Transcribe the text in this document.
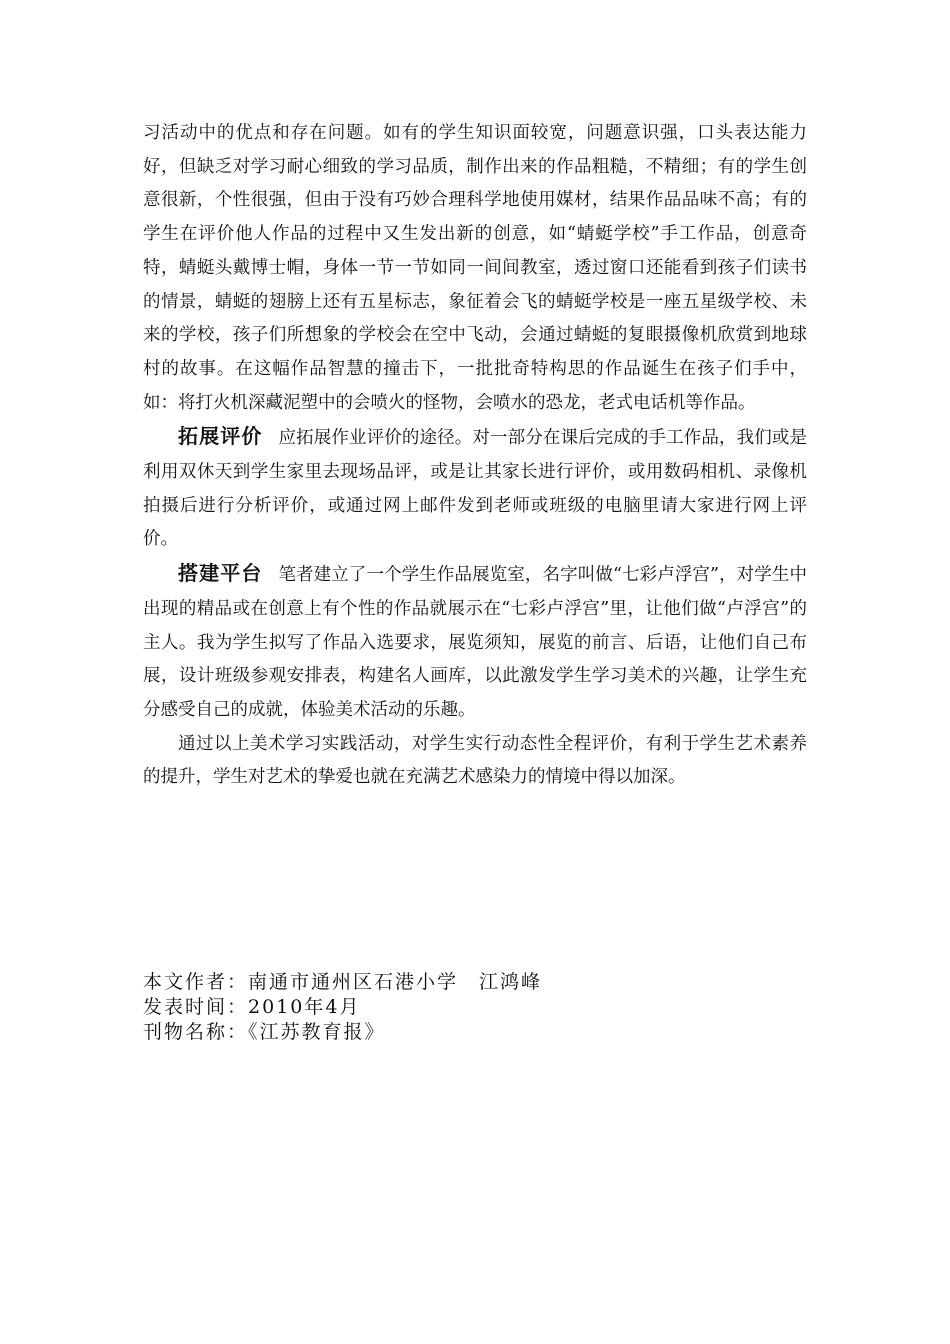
习活动中的优点和存在问题。如有的学生知识面较宽，问题意识强，口头表达能力好，但缺乏对学习耐心细致的学习品质，制作出来的作品粗糙，不精细；有的学生创意很新，个性很强，但由于没有巧妙合理科学地使用媒材，结果作品品味不高；有的学生在评价他人作品的过程中又生发出新的创意，如“蜻蜓学校”手工作品，创意奇特，蜻蜓头戴博士帽，身体一节一节如同一间间教室，透过窗口还能看到孩子们读书的情景，蜻蜓的翅膀上还有五星标志，象征着会飞的蜻蜓学校是一座五星级学校、未来的学校，孩子们所想象的学校会在空中飞动，会通过蜻蜓的复眼摄像机欣赏到地球村的故事。在这幅作品智慧的撞击下，一批批奇特构思的作品诞生在孩子们手中，如：将打火机深藏泥塑中的会喷火的怪物，会喷水的恐龙，老式电话机等作品。

拓展评价 应拓展作业评价的途径。对一部分在课后完成的手工作品，我们或是利用双休天到学生家里去现场品评，或是让其家长进行评价，或用数码相机、录像机拍摄后进行分析评价，或通过网上邮件发到老师或班级的电脑里请大家进行网上评价。

搭建平台 笔者建立了一个学生作品展览室，名字叫做“七彩卢浮宫”，对学生中出现的精品或在创意上有个性的作品就展示在“七彩卢浮宫”里，让他们做“卢浮宫”的主人。我为学生拟写了作品入选要求，展览须知，展览的前言、后语，让他们自己布展，设计班级参观安排表，构建名人画库，以此激发学生学习美术的兴趣，让学生充分感受自己的成就，体验美术活动的乐趣。

通过以上美术学习实践活动，对学生实行动态性全程评价，有利于学生艺术素养的提升，学生对艺术的挚爱也就在充满艺术感染力的情境中得以加深。

本文作者：南通市通州区石港小学　江鸿峰
发表时间：2010年4月
刊物名称：《江苏教育报》
